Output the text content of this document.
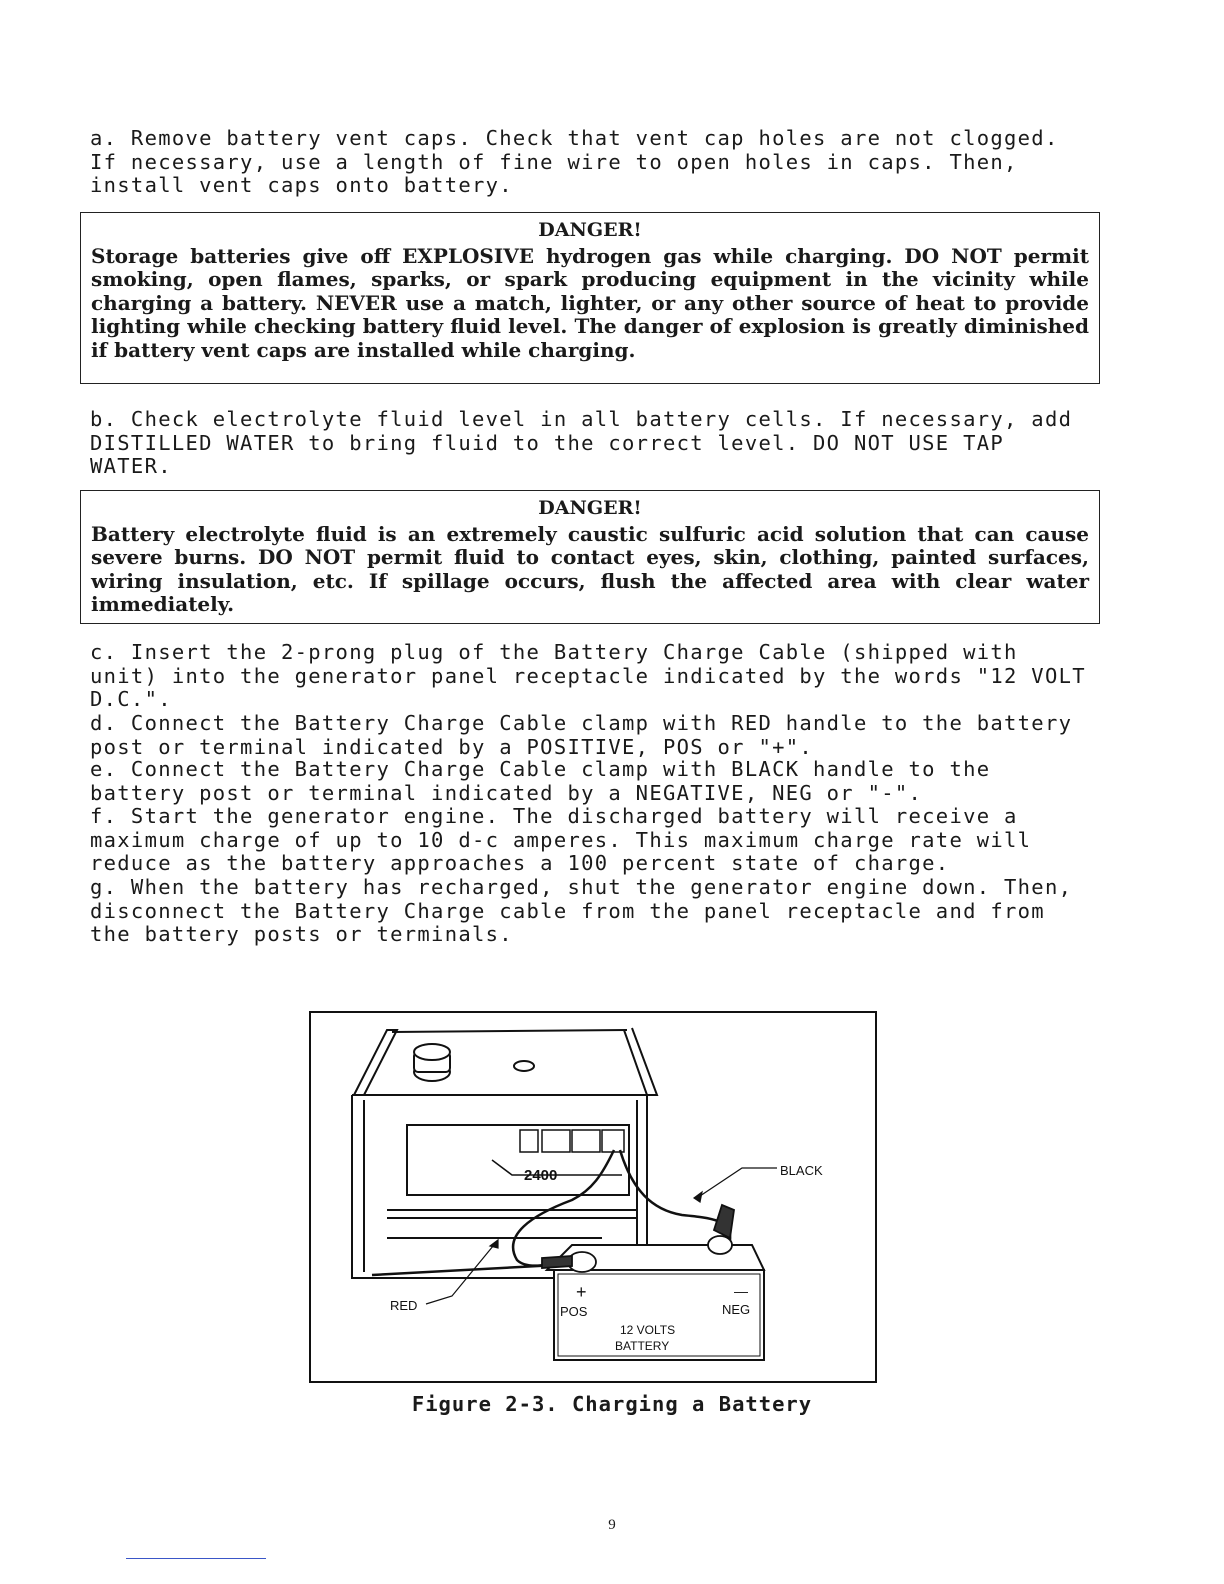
a. Remove battery vent caps. Check that vent cap holes are not clogged. If necessary, use a length of fine wire to open holes in caps. Then, install vent caps onto battery.

DANGER!
Storage batteries give off EXPLOSIVE hydrogen gas while charging. DO NOT permit smoking, open flames, sparks, or spark producing equipment in the vicinity while charging a battery. NEVER use a match, lighter, or any other source of heat to provide lighting while checking battery fluid level. The danger of explosion is greatly diminished if battery vent caps are installed while charging.

b. Check electrolyte fluid level in all battery cells. If necessary, add DISTILLED WATER to bring fluid to the correct level. DO NOT USE TAP WATER.

DANGER!
Battery electrolyte fluid is an extremely caustic sulfuric acid solution that can cause severe burns. DO NOT permit fluid to contact eyes, skin, clothing, painted surfaces, wiring insulation, etc. If spillage occurs, flush the affected area with clear water immediately.

c. Insert the 2-prong plug of the Battery Charge Cable (shipped with unit) into the generator panel receptacle indicated by the words "12 VOLT D.C.".

d. Connect the Battery Charge Cable clamp with RED handle to the battery post or terminal indicated by a POSITIVE, POS or "+".

e. Connect the Battery Charge Cable clamp with BLACK handle to the battery post or terminal indicated by a NEGATIVE, NEG or "-".

f. Start the generator engine. The discharged battery will receive a maximum charge of up to 10 d-c amperes. This maximum charge rate will reduce as the battery approaches a 100 percent state of charge.

g. When the battery has recharged, shut the generator engine down. Then, disconnect the Battery Charge cable from the panel receptacle and from the battery posts or terminals.

2400	BLACK
RED
+	—
POS	NEG
12 VOLTS
BATTERY
Figure 2-3. Charging a Battery
9
